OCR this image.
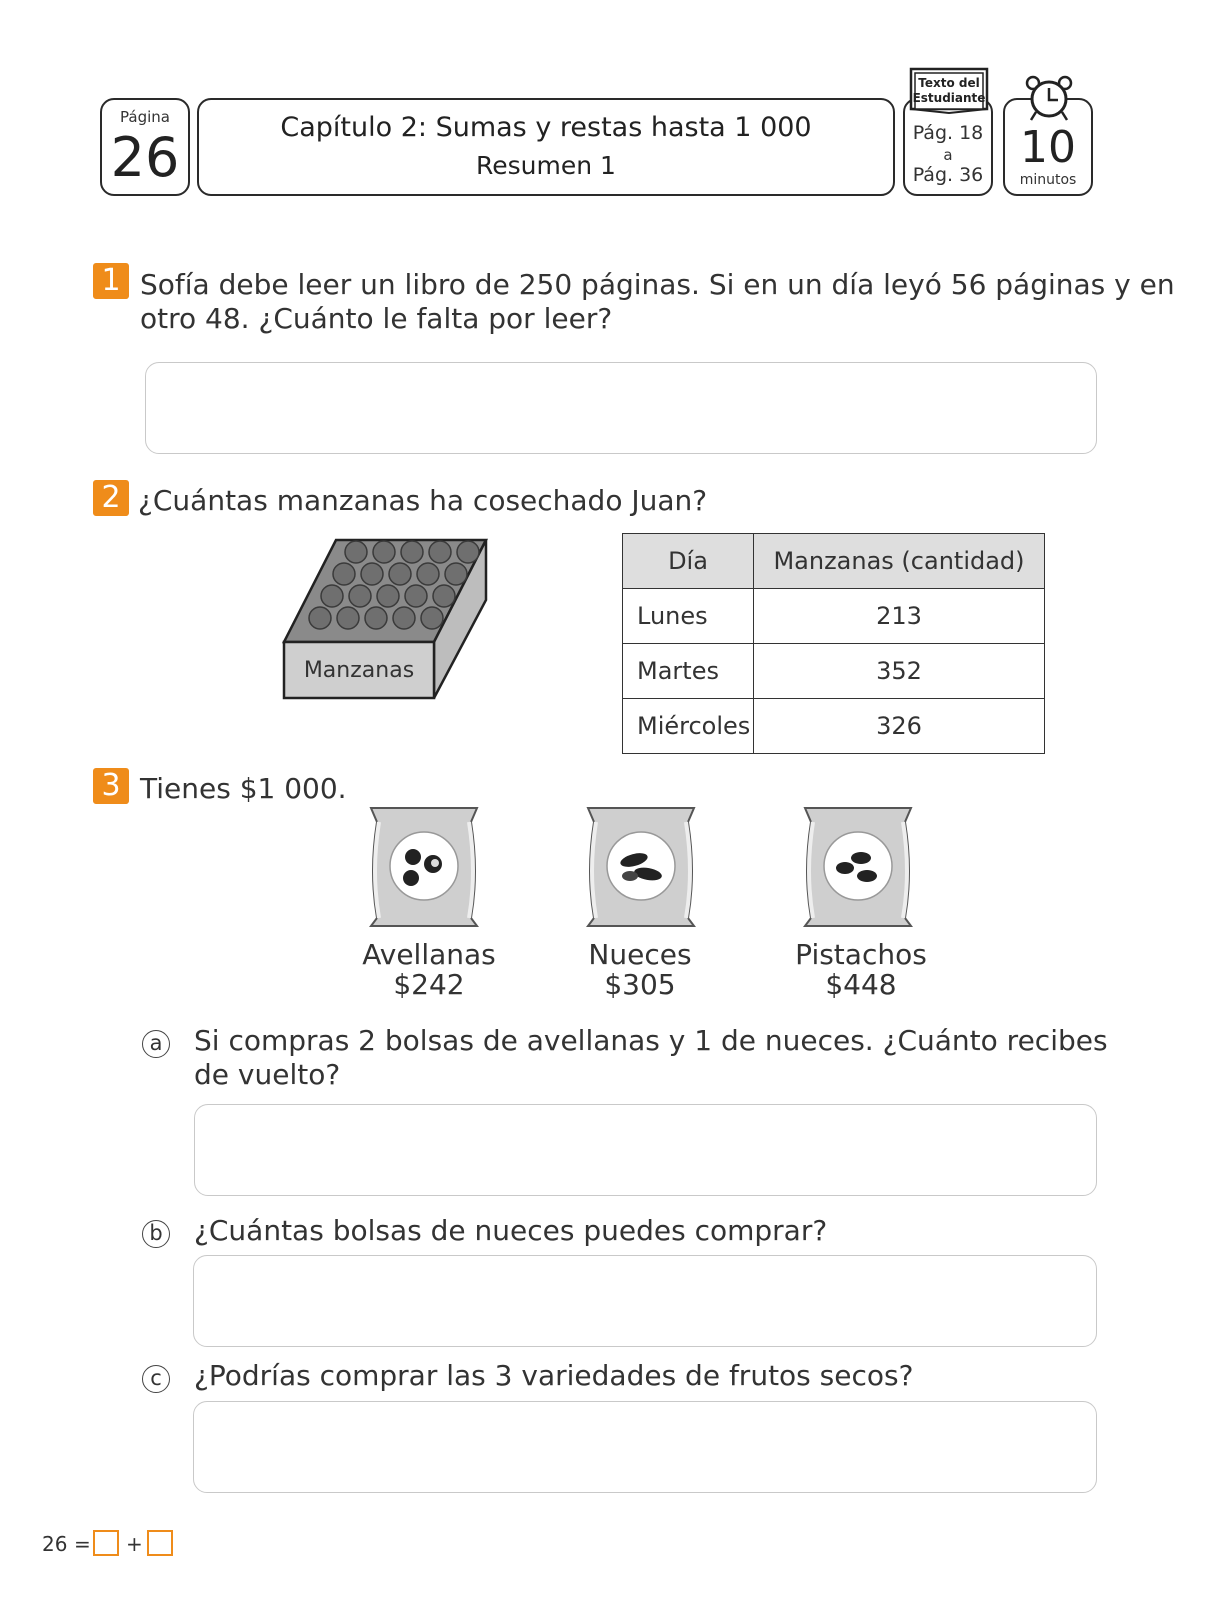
Página
26	Capítulo 2: Sumas y restas hasta 1 000
Resumen 1
Pág. 18
a
Pág. 36
Texto del
Estudiante
10
minutos
1 Sofía debe leer un libro de 250 páginas. Si en un día leyó 56 páginas y en
otro 48. ¿Cuánto le falta por leer?
2 ¿Cuántas manzanas ha cosechado Juan?
Manzanas
Día	Manzanas (cantidad)
Lunes	213
Martes	352
Miércoles	326
3 Tienes $1 000.
Avellanas
$242
Nueces
$305
Pistachos
$448
a Si compras 2 bolsas de avellanas y 1 de nueces. ¿Cuánto recibes
de vuelto?
b ¿Cuántas bolsas de nueces puedes comprar?
c ¿Podrías comprar las 3 variedades de frutos secos?
26 = +
